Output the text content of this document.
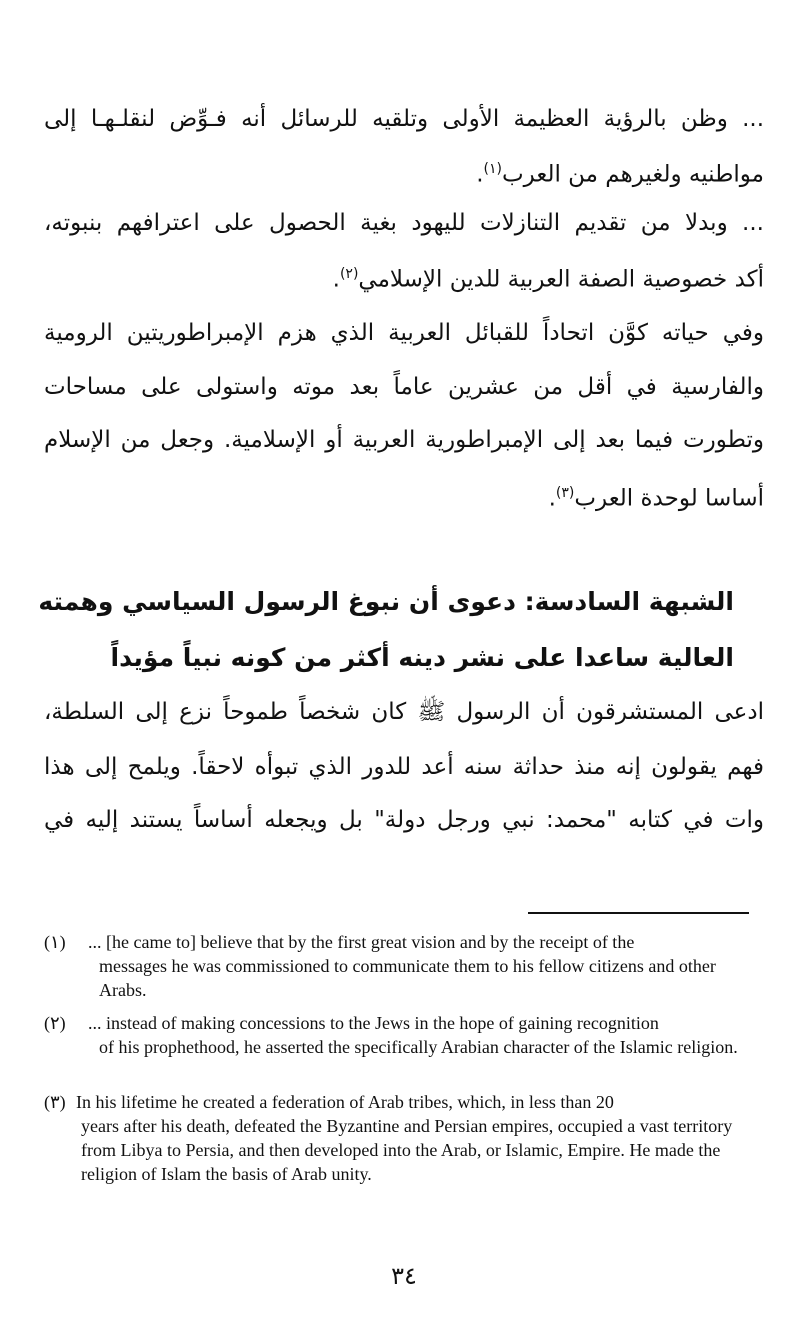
... وظن بالرؤية العظيمة الأولى وتلقيه للرسائل أنه فـوِّض لنقلـهـا إلى
مواطنيه ولغيرهم من العرب$^{(١)}$.
... وبدلا من تقديم التنازلات لليهود بغية الحصول على اعترافهم بنبوته،
أكد خصوصية الصفة العربية للدين الإسلامي$^{(٢)}$.
وفي حياته كوَّن اتحاداً للقبائل العربية الذي هزم الإمبراطوريتين الرومية
والفارسية في أقل من عشرين عاماً بعد موته واستولى على مساحات
وتطورت فيما بعد إلى الإمبراطورية العربية أو الإسلامية. وجعل من الإسلام
أساسا لوحدة العرب$^{(٣)}$.
الشبهة السادسة: دعوى أن نبوغ الرسول السياسي وهمته
العالية ساعدا على نشر دينه أكثر من كونه نبياً مؤيداً
ادعى المستشرقون أن الرسول ﷺ كان شخصاً طموحاً نزع إلى السلطة،
فهم يقولون إنه منذ حداثة سنه أعد للدور الذي تبوأه لاحقاً. ويلمح إلى هذا
وات في كتابه "محمد: نبي ورجل دولة" بل ويجعله أساساً يستند إليه في
(١)	... [he came to] believe that by the first great vision and by the receipt of the
messages he was commissioned to communicate them to his fellow citizens and other Arabs.
(٢)	... instead of making concessions to the Jews in the hope of gaining recognition
of his prophethood, he asserted the specifically Arabian character of the Islamic religion.
(٣) In his lifetime he created a federation of Arab tribes, which, in less than 20
years after his death, defeated the Byzantine and Persian empires, occupied a vast territory from Libya to Persia, and then developed into the Arab, or Islamic, Empire. He made the religion of Islam the basis of Arab unity.
٣٤
